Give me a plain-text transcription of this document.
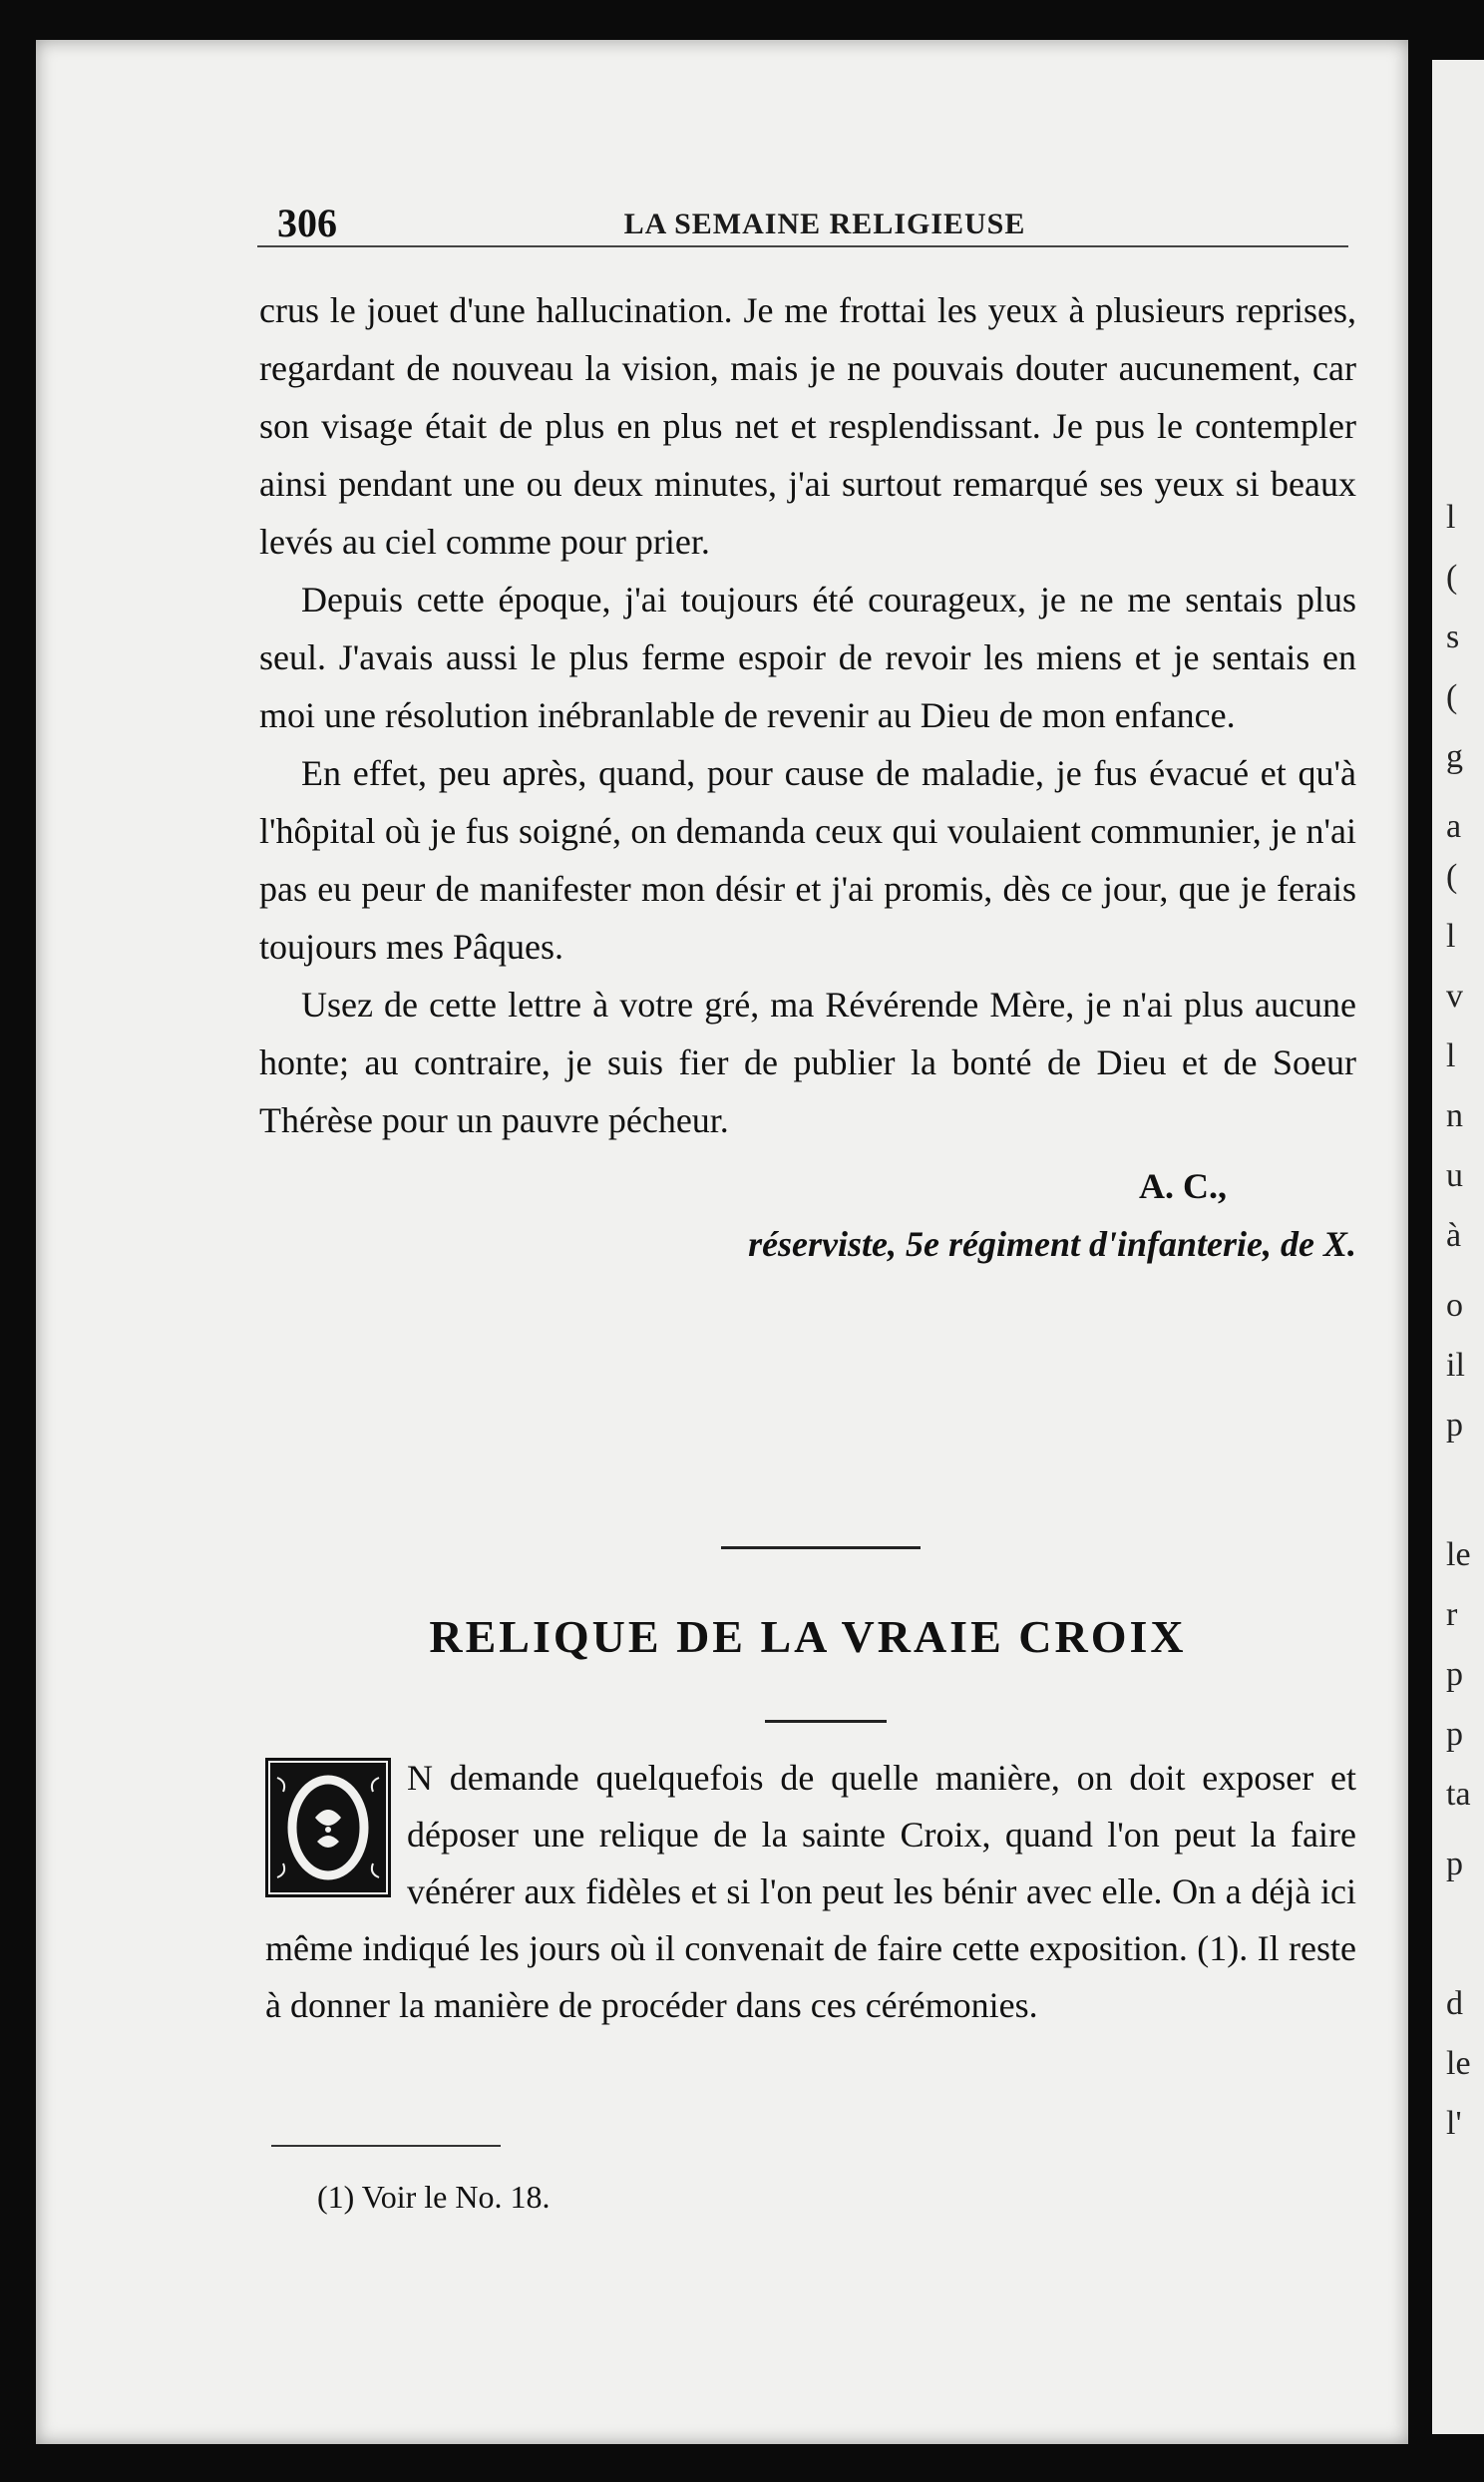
306	LA SEMAINE RELIGIEUSE

crus le jouet d'une hallucination. Je me frottai les yeux à plusieurs reprises, regardant de nouveau la vision, mais je ne pouvais douter aucunement, car son visage était de plus en plus net et resplendissant. Je pus le contempler ainsi pendant une ou deux minutes, j'ai surtout remarqué ses yeux si beaux levés au ciel comme pour prier.

Depuis cette époque, j'ai toujours été courageux, je ne me sentais plus seul. J'avais aussi le plus ferme espoir de revoir les miens et je sentais en moi une résolution inébranlable de revenir au Dieu de mon enfance.

En effet, peu après, quand, pour cause de maladie, je fus évacué et qu'à l'hôpital où je fus soigné, on demanda ceux qui voulaient communier, je n'ai pas eu peur de manifester mon désir et j'ai promis, dès ce jour, que je ferais toujours mes Pâques.

Usez de cette lettre à votre gré, ma Révérende Mère, je n'ai plus aucune honte; au contraire, je suis fier de publier la bonté de Dieu et de Soeur Thérèse pour un pauvre pécheur.

A. C.,
réserviste, 5e régiment d'infanterie, de X.
RELIQUE DE LA VRAIE CROIX
N demande quelquefois de quelle manière, on doit exposer et déposer une relique de la sainte Croix, quand l'on peut la faire vénérer aux fidèles et si l'on peut les bénir avec elle. On a déjà ici même indiqué les jours où il convenait de faire cette exposition. (1). Il reste à donner la manière de procéder dans ces cérémonies.
(1) Voir le No. 18.
l
(
s
(
g
a
(
l
v
l
n
u
à
o
il
p
le
r
p
p
ta
p
d
le
l'
